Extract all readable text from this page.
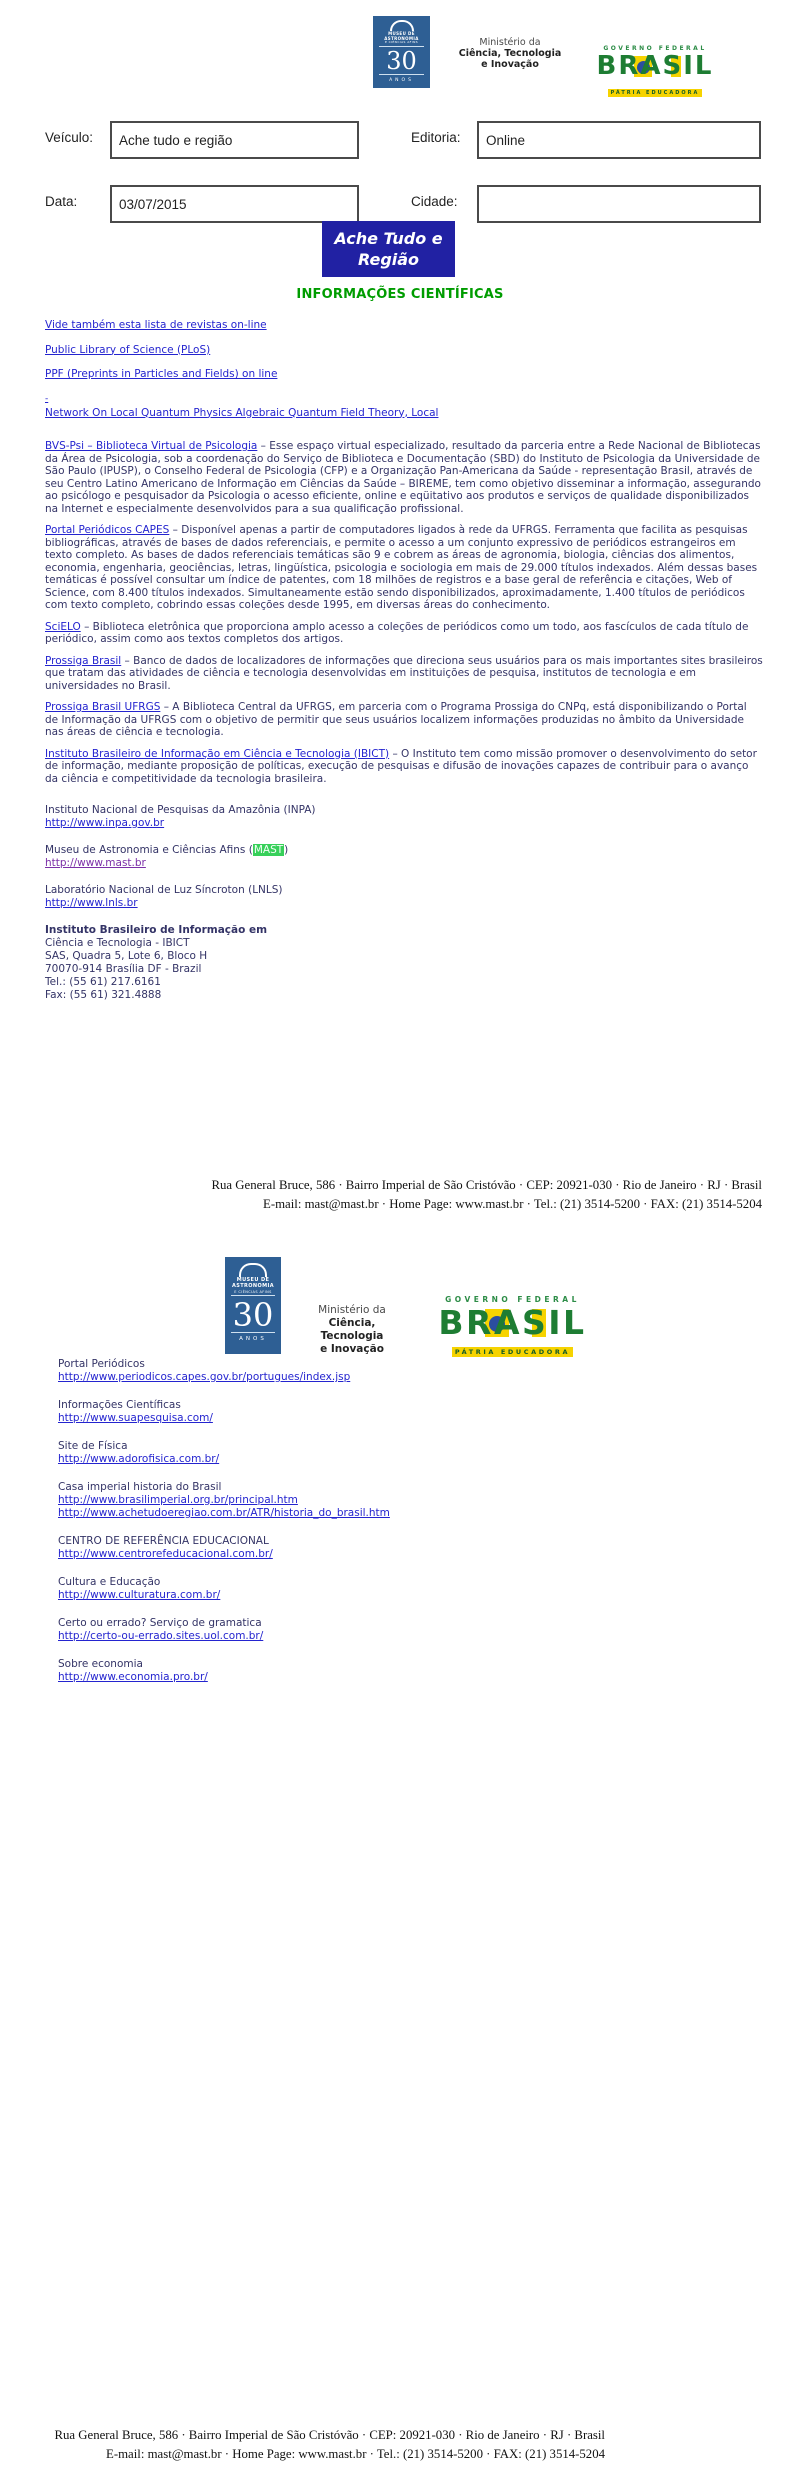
MUSEU DE
ASTRONOMIA
E CIÊNCIAS AFINS
30
ANOS
Ministério da
Ciência, Tecnologia
e Inovação
GOVERNO FEDERAL
BRASIL
PÁTRIA EDUCADORA
Veículo:	Ache tudo e região	Editoria:	Online
Data:	03/07/2015	Cidade:
Ache Tudo e
Região
INFORMAÇÕES CIENTÍFICAS
Vide também esta lista de revistas on-line
Public Library of Science (PLoS)
PPF (Preprints in Particles and Fields) on line
-
Network On Local Quantum Physics Algebraic Quantum Field Theory, Local
BVS-Psi – Biblioteca Virtual de Psicologia – Esse espaço virtual especializado, resultado da parceria entre a Rede Nacional de Bibliotecas da Área de Psicologia, sob a coordenação do Serviço de Biblioteca e Documentação (SBD) do Instituto de Psicologia da Universidade de São Paulo (IPUSP), o Conselho Federal de Psicologia (CFP) e a Organização Pan-Americana da Saúde - representação Brasil, através de seu Centro Latino Americano de Informação em Ciências da Saúde – BIREME, tem como objetivo disseminar a informação, assegurando ao psicólogo e pesquisador da Psicologia o acesso eficiente, online e eqüitativo aos produtos e serviços de qualidade disponibilizados na Internet e especialmente desenvolvidos para a sua qualificação profissional.
Portal Periódicos CAPES – Disponível apenas a partir de computadores ligados à rede da UFRGS. Ferramenta que facilita as pesquisas bibliográficas, através de bases de dados referenciais, e permite o acesso a um conjunto expressivo de periódicos estrangeiros em texto completo. As bases de dados referenciais temáticas são 9 e cobrem as áreas de agronomia, biologia, ciências dos alimentos, economia, engenharia, geociências, letras, lingüística, psicologia e sociologia em mais de 29.000 títulos indexados. Além dessas bases temáticas é possível consultar um índice de patentes, com 18 milhões de registros e a base geral de referência e citações, Web of Science, com 8.400 títulos indexados. Simultaneamente estão sendo disponibilizados, aproximadamente, 1.400 títulos de periódicos com texto completo, cobrindo essas coleções desde 1995, em diversas áreas do conhecimento.
SciELO – Biblioteca eletrônica que proporciona amplo acesso a coleções de periódicos como um todo, aos fascículos de cada título de periódico, assim como aos textos completos dos artigos.
Prossiga Brasil – Banco de dados de localizadores de informações que direciona seus usuários para os mais importantes sites brasileiros que tratam das atividades de ciência e tecnologia desenvolvidas em instituições de pesquisa, institutos de tecnologia e em universidades no Brasil.
Prossiga Brasil UFRGS – A Biblioteca Central da UFRGS, em parceria com o Programa Prossiga do CNPq, está disponibilizando o Portal de Informação da UFRGS com o objetivo de permitir que seus usuários localizem informações produzidas no âmbito da Universidade nas áreas de ciência e tecnologia.
Instituto Brasileiro de Informação em Ciência e Tecnologia (IBICT) – O Instituto tem como missão promover o desenvolvimento do setor de informação, mediante proposição de políticas, execução de pesquisas e difusão de inovações capazes de contribuir para o avanço da ciência e competitividade da tecnologia brasileira.
Instituto Nacional de Pesquisas da Amazônia (INPA)
http://www.inpa.gov.br
Museu de Astronomia e Ciências Afins (MAST)
http://www.mast.br
Laboratório Nacional de Luz Síncroton (LNLS)
http://www.lnls.br
Instituto Brasileiro de Informação em
Ciência e Tecnologia - IBICT
SAS, Quadra 5, Lote 6, Bloco H
70070-914 Brasília DF - Brazil
Tel.: (55 61) 217.6161
Fax: (55 61) 321.4888
Rua General Bruce, 586 · Bairro Imperial de São Cristóvão · CEP: 20921-030 · Rio de Janeiro · RJ · Brasil
E-mail: mast@mast.br · Home Page: www.mast.br · Tel.: (21) 3514-5200 · FAX: (21) 3514-5204
MUSEU DE
ASTRONOMIA
E CIÊNCIAS AFINS
30
ANOS
Ministério da
Ciência, Tecnologia
e Inovação
GOVERNO FEDERAL
BRASIL
PÁTRIA EDUCADORA
Portal Periódicos
http://www.periodicos.capes.gov.br/portugues/index.jsp
Informações Científicas
http://www.suapesquisa.com/
Site de Física
http://www.adorofisica.com.br/
Casa imperial historia do Brasil
http://www.brasilimperial.org.br/principal.htm
http://www.achetudoeregiao.com.br/ATR/historia_do_brasil.htm
CENTRO DE REFERÊNCIA EDUCACIONAL
http://www.centrorefeducacional.com.br/
Cultura e Educação
http://www.culturatura.com.br/
Certo ou errado? Serviço de gramatica
http://certo-ou-errado.sites.uol.com.br/
Sobre economia
http://www.economia.pro.br/
Rua General Bruce, 586 · Bairro Imperial de São Cristóvão · CEP: 20921-030 · Rio de Janeiro · RJ · Brasil
E-mail: mast@mast.br · Home Page: www.mast.br · Tel.: (21) 3514-5200 · FAX: (21) 3514-5204
